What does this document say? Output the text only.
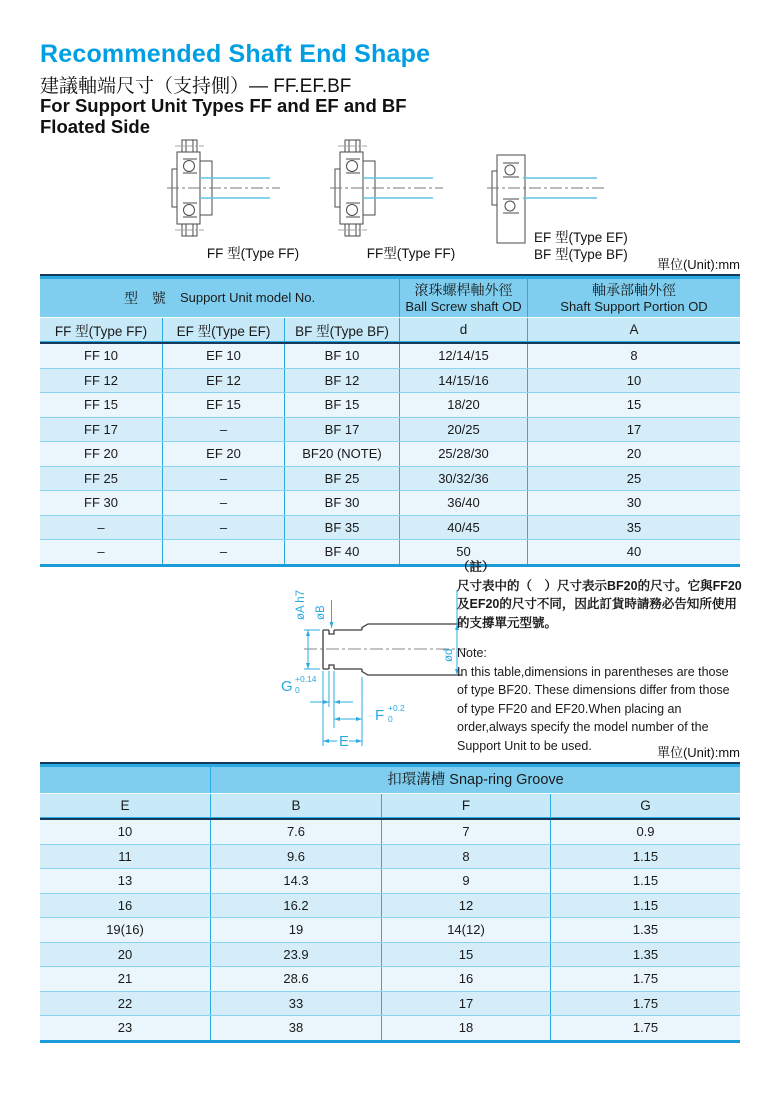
Recommended Shaft End Shape
建議軸端尺寸（支持側）— FF.EF.BF
For Support Unit Types FF and EF and BF
Floated Side
FF 型(Type FF)	FF型(Type FF)
EF 型(Type EF)
BF 型(Type BF)
單位(Unit):mm
型　號 Support Unit model No.	滾珠螺桿軸外徑
Ball Screw shaft OD
軸承部軸外徑
Shaft Support Portion OD
FF 型(Type FF)	EF 型(Type EF)	BF 型(Type BF)	d	A
FF 10	EF 10	BF 10	12/14/15	8
FF 12	EF 12	BF 12	14/15/16	10
FF 15	EF 15	BF 15	18/20	15
FF 17	–	BF 17	20/25	17
FF 20	EF 20	BF20 (NOTE)	25/28/30	20
FF 25	–	BF 25	30/32/36	25
FF 30	–	BF 30	36/40	30
–	–	BF 35	40/45	35
–	–	BF 40	50	40
øA h7 øB
ød
G +0.14
0
F +0.2
0
E
（註）
尺寸表中的（　）尺寸表示BF20的尺寸。它與FF20及EF20的尺寸不同，因此訂貨時請務必告知所使用的支撐單元型號。
Note:
In this table,dimensions in parentheses are those of type BF20. These dimensions differ from those of type FF20 and EF20.When placing an order,always specify the model number of the Support Unit to be used.	單位(Unit):mm
扣環溝槽 Snap-ring Groove
E	B	F	G
10	7.6	7	0.9
11	9.6	8	1.15
13	14.3	9	1.15
16	16.2	12	1.15
19(16)	19	14(12)	1.35
20	23.9	15	1.35
21	28.6	16	1.75
22	33	17	1.75
23	38	18	1.75
